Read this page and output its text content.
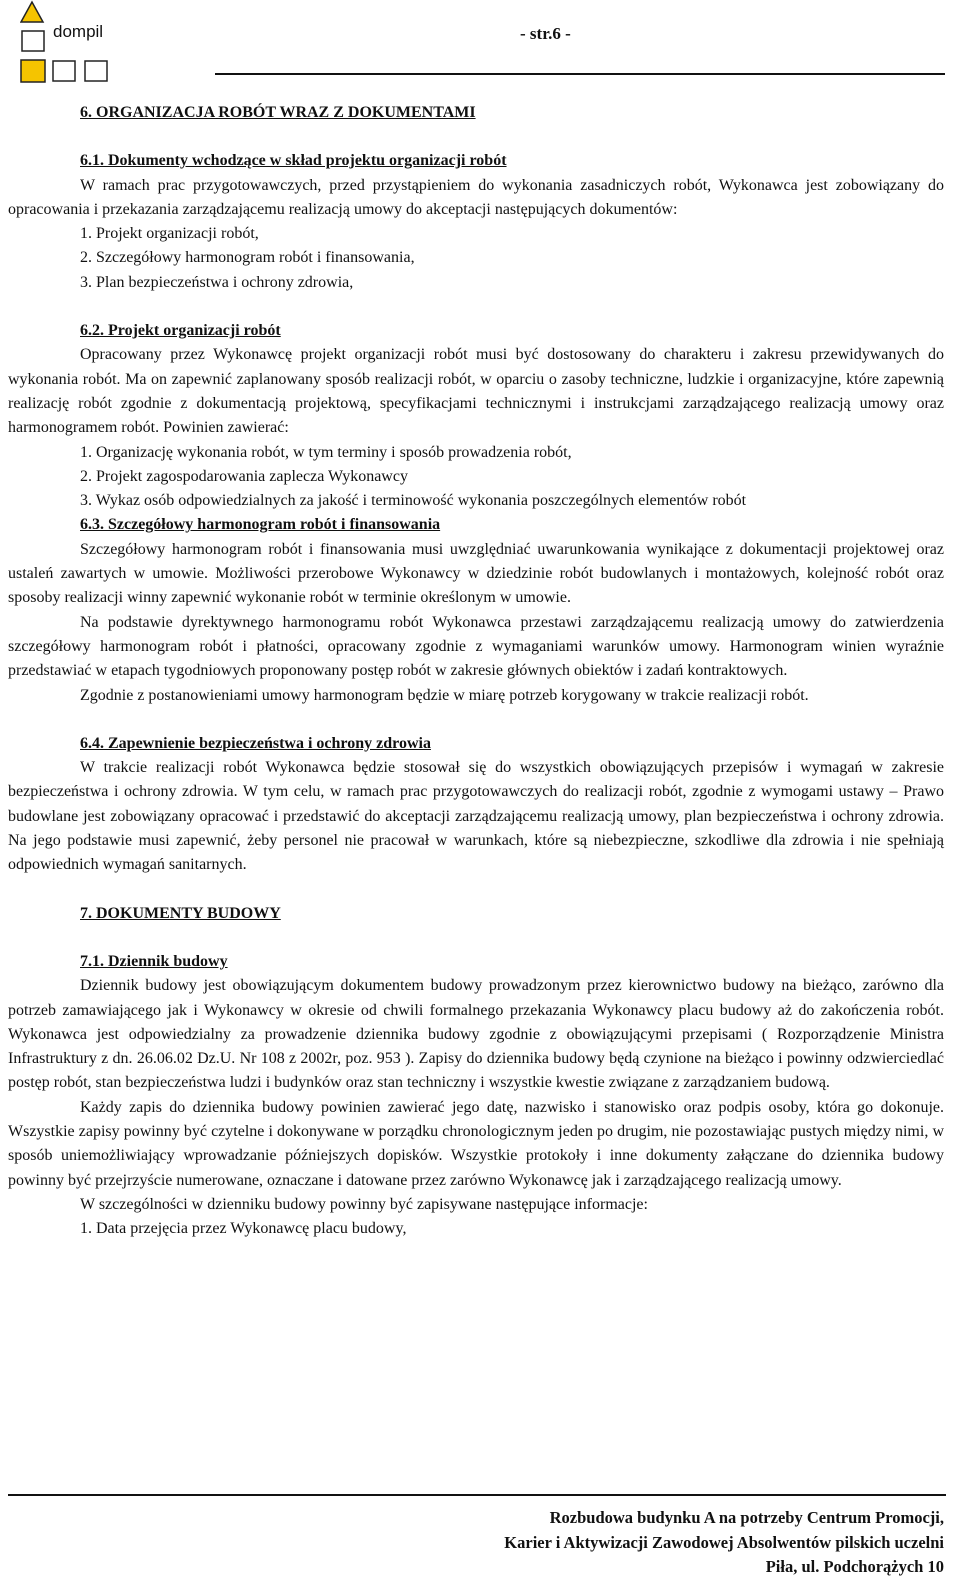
dompil	- str.6 -
6. ORGANIZACJA ROBÓT WRAZ Z DOKUMENTAMI
6.1. Dokumenty wchodzące w skład projektu organizacji robót
W ramach prac przygotowawczych, przed przystąpieniem do wykonania zasadniczych robót, Wykonawca jest zobowiązany do opracowania i przekazania zarządzającemu realizacją umowy do akceptacji następujących dokumentów:
1. Projekt organizacji robót,
2. Szczegółowy harmonogram robót i finansowania,
3. Plan bezpieczeństwa i ochrony zdrowia,
6.2. Projekt organizacji robót
Opracowany przez Wykonawcę projekt organizacji robót musi być dostosowany do charakteru i zakresu przewidywanych do wykonania robót. Ma on zapewnić zaplanowany sposób realizacji robót, w oparciu o zasoby techniczne, ludzkie i organizacyjne, które zapewnią realizację robót zgodnie z dokumentacją projektową, specyfikacjami technicznymi i instrukcjami zarządzającego realizacją umowy oraz harmonogramem robót. Powinien zawierać:
1. Organizację wykonania robót, w tym terminy i sposób prowadzenia robót,
2. Projekt zagospodarowania zaplecza Wykonawcy
3. Wykaz osób odpowiedzialnych za jakość i terminowość wykonania poszczególnych elementów robót
6.3. Szczegółowy harmonogram robót i finansowania
Szczegółowy harmonogram robót i finansowania musi uwzględniać uwarunkowania wynikające z dokumentacji projektowej oraz ustaleń zawartych w umowie. Możliwości przerobowe Wykonawcy w dziedzinie robót budowlanych i montażowych, kolejność robót oraz sposoby realizacji winny zapewnić wykonanie robót w terminie określonym w umowie.
Na podstawie dyrektywnego harmonogramu robót Wykonawca przestawi zarządzającemu realizacją umowy do zatwierdzenia szczegółowy harmonogram robót i płatności, opracowany zgodnie z wymaganiami warunków umowy. Harmonogram winien wyraźnie przedstawiać w etapach tygodniowych proponowany postęp robót w zakresie głównych obiektów i zadań kontraktowych.
Zgodnie z postanowieniami umowy harmonogram będzie w miarę potrzeb korygowany w trakcie realizacji robót.
6.4. Zapewnienie bezpieczeństwa i ochrony zdrowia
W trakcie realizacji robót Wykonawca będzie stosował się do wszystkich obowiązujących przepisów i wymagań w zakresie bezpieczeństwa i ochrony zdrowia. W tym celu, w ramach prac przygotowawczych do realizacji robót, zgodnie z wymogami ustawy – Prawo budowlane jest zobowiązany opracować i przedstawić do akceptacji zarządzającemu realizacją umowy, plan bezpieczeństwa i ochrony zdrowia. Na jego podstawie musi zapewnić, żeby personel nie pracował w warunkach, które są niebezpieczne, szkodliwe dla zdrowia i nie spełniają odpowiednich wymagań sanitarnych.
7. DOKUMENTY BUDOWY
7.1. Dziennik budowy
Dziennik budowy jest obowiązującym dokumentem budowy prowadzonym przez kierownictwo budowy na bieżąco, zarówno dla potrzeb zamawiającego jak i Wykonawcy w okresie od chwili formalnego przekazania Wykonawcy placu budowy aż do zakończenia robót. Wykonawca jest odpowiedzialny za prowadzenie dziennika budowy zgodnie z obowiązującymi przepisami ( Rozporządzenie Ministra Infrastruktury z dn. 26.06.02 Dz.U. Nr 108 z 2002r, poz. 953 ). Zapisy do dziennika budowy będą czynione na bieżąco i powinny odzwierciedlać postęp robót, stan bezpieczeństwa ludzi i budynków oraz stan techniczny i wszystkie kwestie związane z zarządzaniem budową.
Każdy zapis do dziennika budowy powinien zawierać jego datę, nazwisko i stanowisko oraz podpis osoby, która go dokonuje. Wszystkie zapisy powinny być czytelne i dokonywane w porządku chronologicznym jeden po drugim, nie pozostawiając pustych między nimi, w sposób uniemożliwiający wprowadzanie późniejszych dopisków. Wszystkie protokoły i inne dokumenty załączane do dziennika budowy powinny być przejrzyście numerowane, oznaczane i datowane przez zarówno Wykonawcę jak i zarządzającego realizacją umowy.
W szczególności w dzienniku budowy powinny być zapisywane następujące informacje:
1. Data przejęcia przez Wykonawcę placu budowy,
Rozbudowa budynku A na potrzeby Centrum Promocji,
Karier i Aktywizacji Zawodowej Absolwentów pilskich uczelni
Piła, ul. Podchorążych 10
